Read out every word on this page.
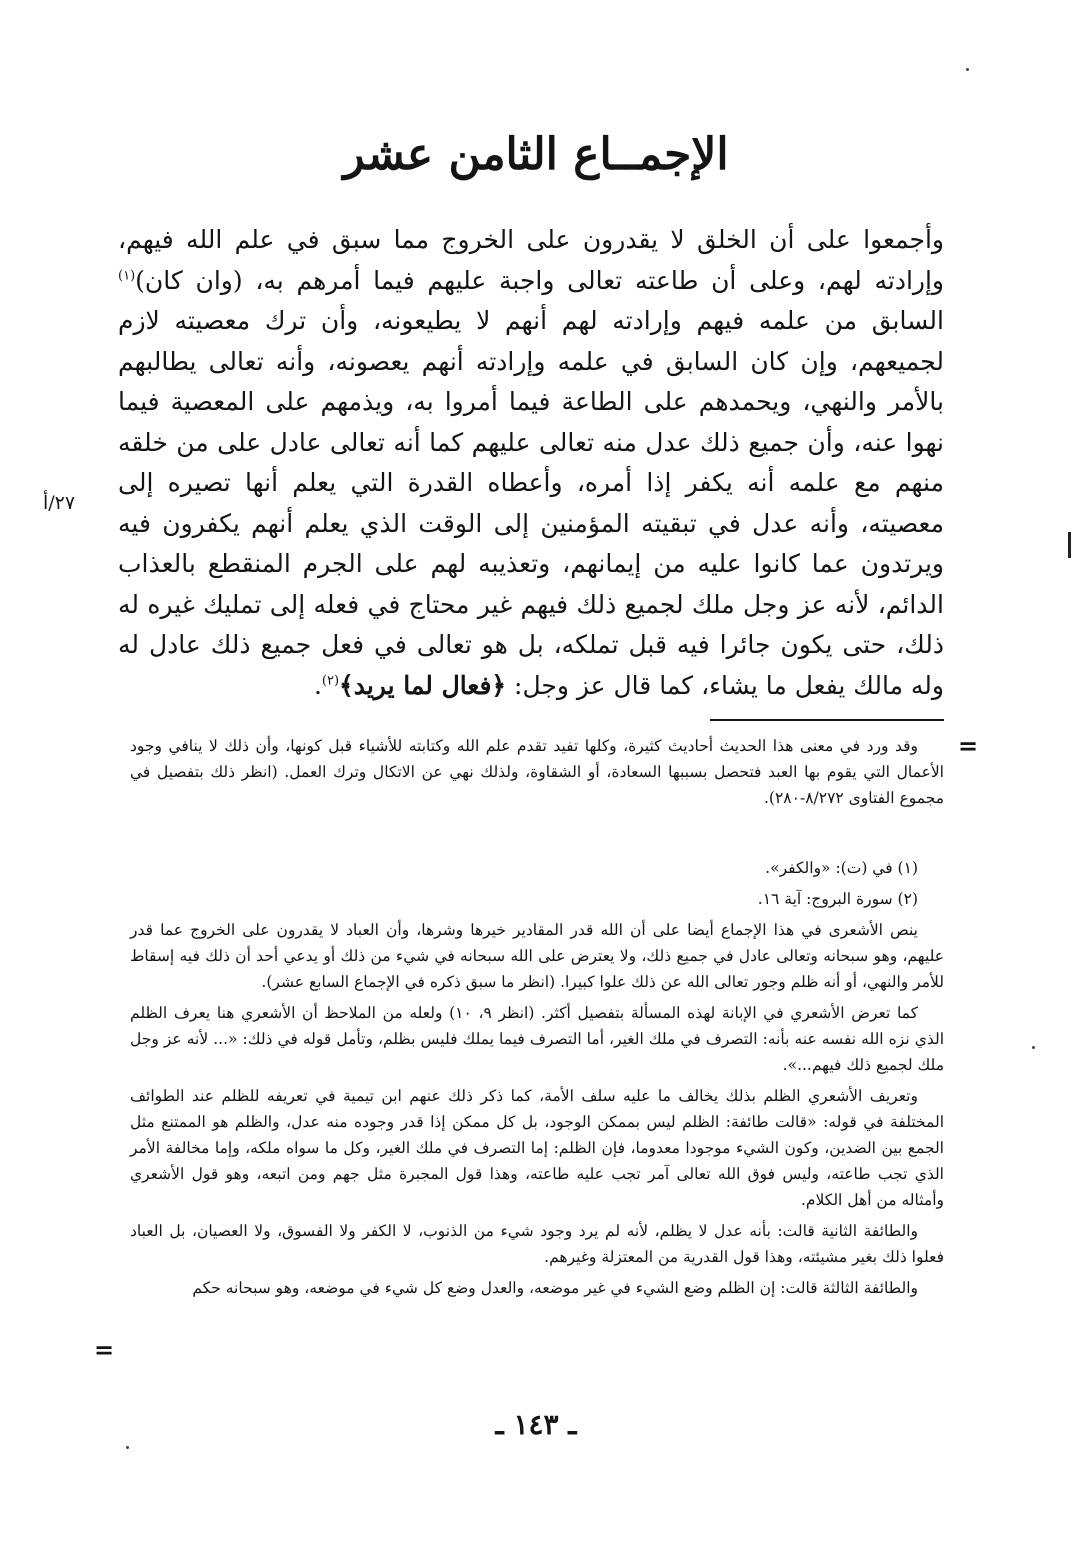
الإجمــاع الثامن عشر

وأجمعوا على أن الخلق لا يقدرون على الخروج مما سبق في علم الله فيهم، وإرادته لهم، وعلى أن طاعته تعالى واجبة عليهم فيما أمرهم به، (وان كان)$^{(١)}$ السابق من علمه فيهم وإرادته لهم أنهم لا يطيعونه، وأن ترك معصيته لازم لجميعهم، وإن كان السابق في علمه وإرادته أنهم يعصونه، وأنه تعالى يطالبهم بالأمر والنهي، ويحمدهم على الطاعة فيما أمروا به، ويذمهم على المعصية فيما نهوا عنه، وأن جميع ذلك عدل منه تعالى عليهم كما أنه تعالى عادل على من خلقه منهم مع علمه أنه يكفر إذا أمره، وأعطاه القدرة التي يعلم أنها تصيره إلى معصيته، وأنه عدل في تبقيته المؤمنين إلى الوقت الذي يعلم أنهم يكفرون فيه ويرتدون عما كانوا عليه من إيمانهم، وتعذيبه لهم على الجرم المنقطع بالعذاب الدائم، لأنه عز وجل ملك لجميع ذلك فيهم غير محتاج في فعله إلى تمليك غيره له ذلك، حتى يكون جائرا فيه قبل تملكه، بل هو تعالى في فعل جميع ذلك عادل له وله مالك يفعل ما يشاء، كما قال عز وجل: ﴿فعال لما يريد﴾$^{(٢)}$.

٢٧/أ
=

وقد ورد في معنى هذا الحديث أحاديث كثيرة، وكلها تفيد تقدم علم الله وكتابته للأشياء قبل كونها، وأن ذلك لا ينافي وجود الأعمال التي يقوم بها العبد فتحصل بسببها السعادة، أو الشقاوة، ولذلك نهي عن الاتكال وترك العمل. (انظر ذلك بتفصيل في مجموع الفتاوى ٨/٢٧٢-٢٨٠).

(١) في (ت): «والكفر».

(٢) سورة البروج: آية ١٦.

ينص الأشعرى في هذا الإجماع أيضا على أن الله قدر المقادير خيرها وشرها، وأن العباد لا يقدرون على الخروج عما قدر عليهم، وهو سبحانه وتعالى عادل في جميع ذلك، ولا يعترض على الله سبحانه في شيء من ذلك أو يدعي أحد أن ذلك فيه إسقاط للأمر والنهي، أو أنه ظلم وجور تعالى الله عن ذلك علوا كبيرا. (انظر ما سبق ذكره في الإجماع السابع عشر).

كما تعرض الأشعري في الإبانة لهذه المسألة بتفصيل أكثر. (انظر ٩، ١٠) ولعله من الملاحظ أن الأشعري هنا يعرف الظلم الذي نزه الله نفسه عنه بأنه: التصرف في ملك الغير، أما التصرف فيما يملك فليس بظلم، وتأمل قوله في ذلك: «... لأنه عز وجل ملك لجميع ذلك فيهم...».

وتعريف الأشعري الظلم بذلك يخالف ما عليه سلف الأمة، كما ذكر ذلك عنهم ابن تيمية في تعريفه للظلم عند الطوائف المختلفة في قوله: «قالت طائفة: الظلم ليس بممكن الوجود، بل كل ممكن إذا قدر وجوده منه عدل، والظلم هو الممتنع مثل الجمع بين الضدين، وكون الشيء موجودا معدوما، فإن الظلم: إما التصرف في ملك الغير، وكل ما سواه ملكه، وإما مخالفة الأمر الذي تجب طاعته، وليس فوق الله تعالى آمر تجب عليه طاعته، وهذا قول المجبرة مثل جهم ومن اتبعه، وهو قول الأشعري وأمثاله من أهل الكلام.

والطائفة الثانية قالت: بأنه عدل لا يظلم، لأنه لم يرد وجود شيء من الذنوب، لا الكفر ولا الفسوق، ولا العصيان، بل العباد فعلوا ذلك بغير مشيئته، وهذا قول القدرية من المعتزلة وغيرهم.

والطائفة الثالثة قالت: إن الظلم وضع الشيء في غير موضعه، والعدل وضع كل شيء في موضعه، وهو سبحانه حكم

=
ـ ١٤٣ ـ
